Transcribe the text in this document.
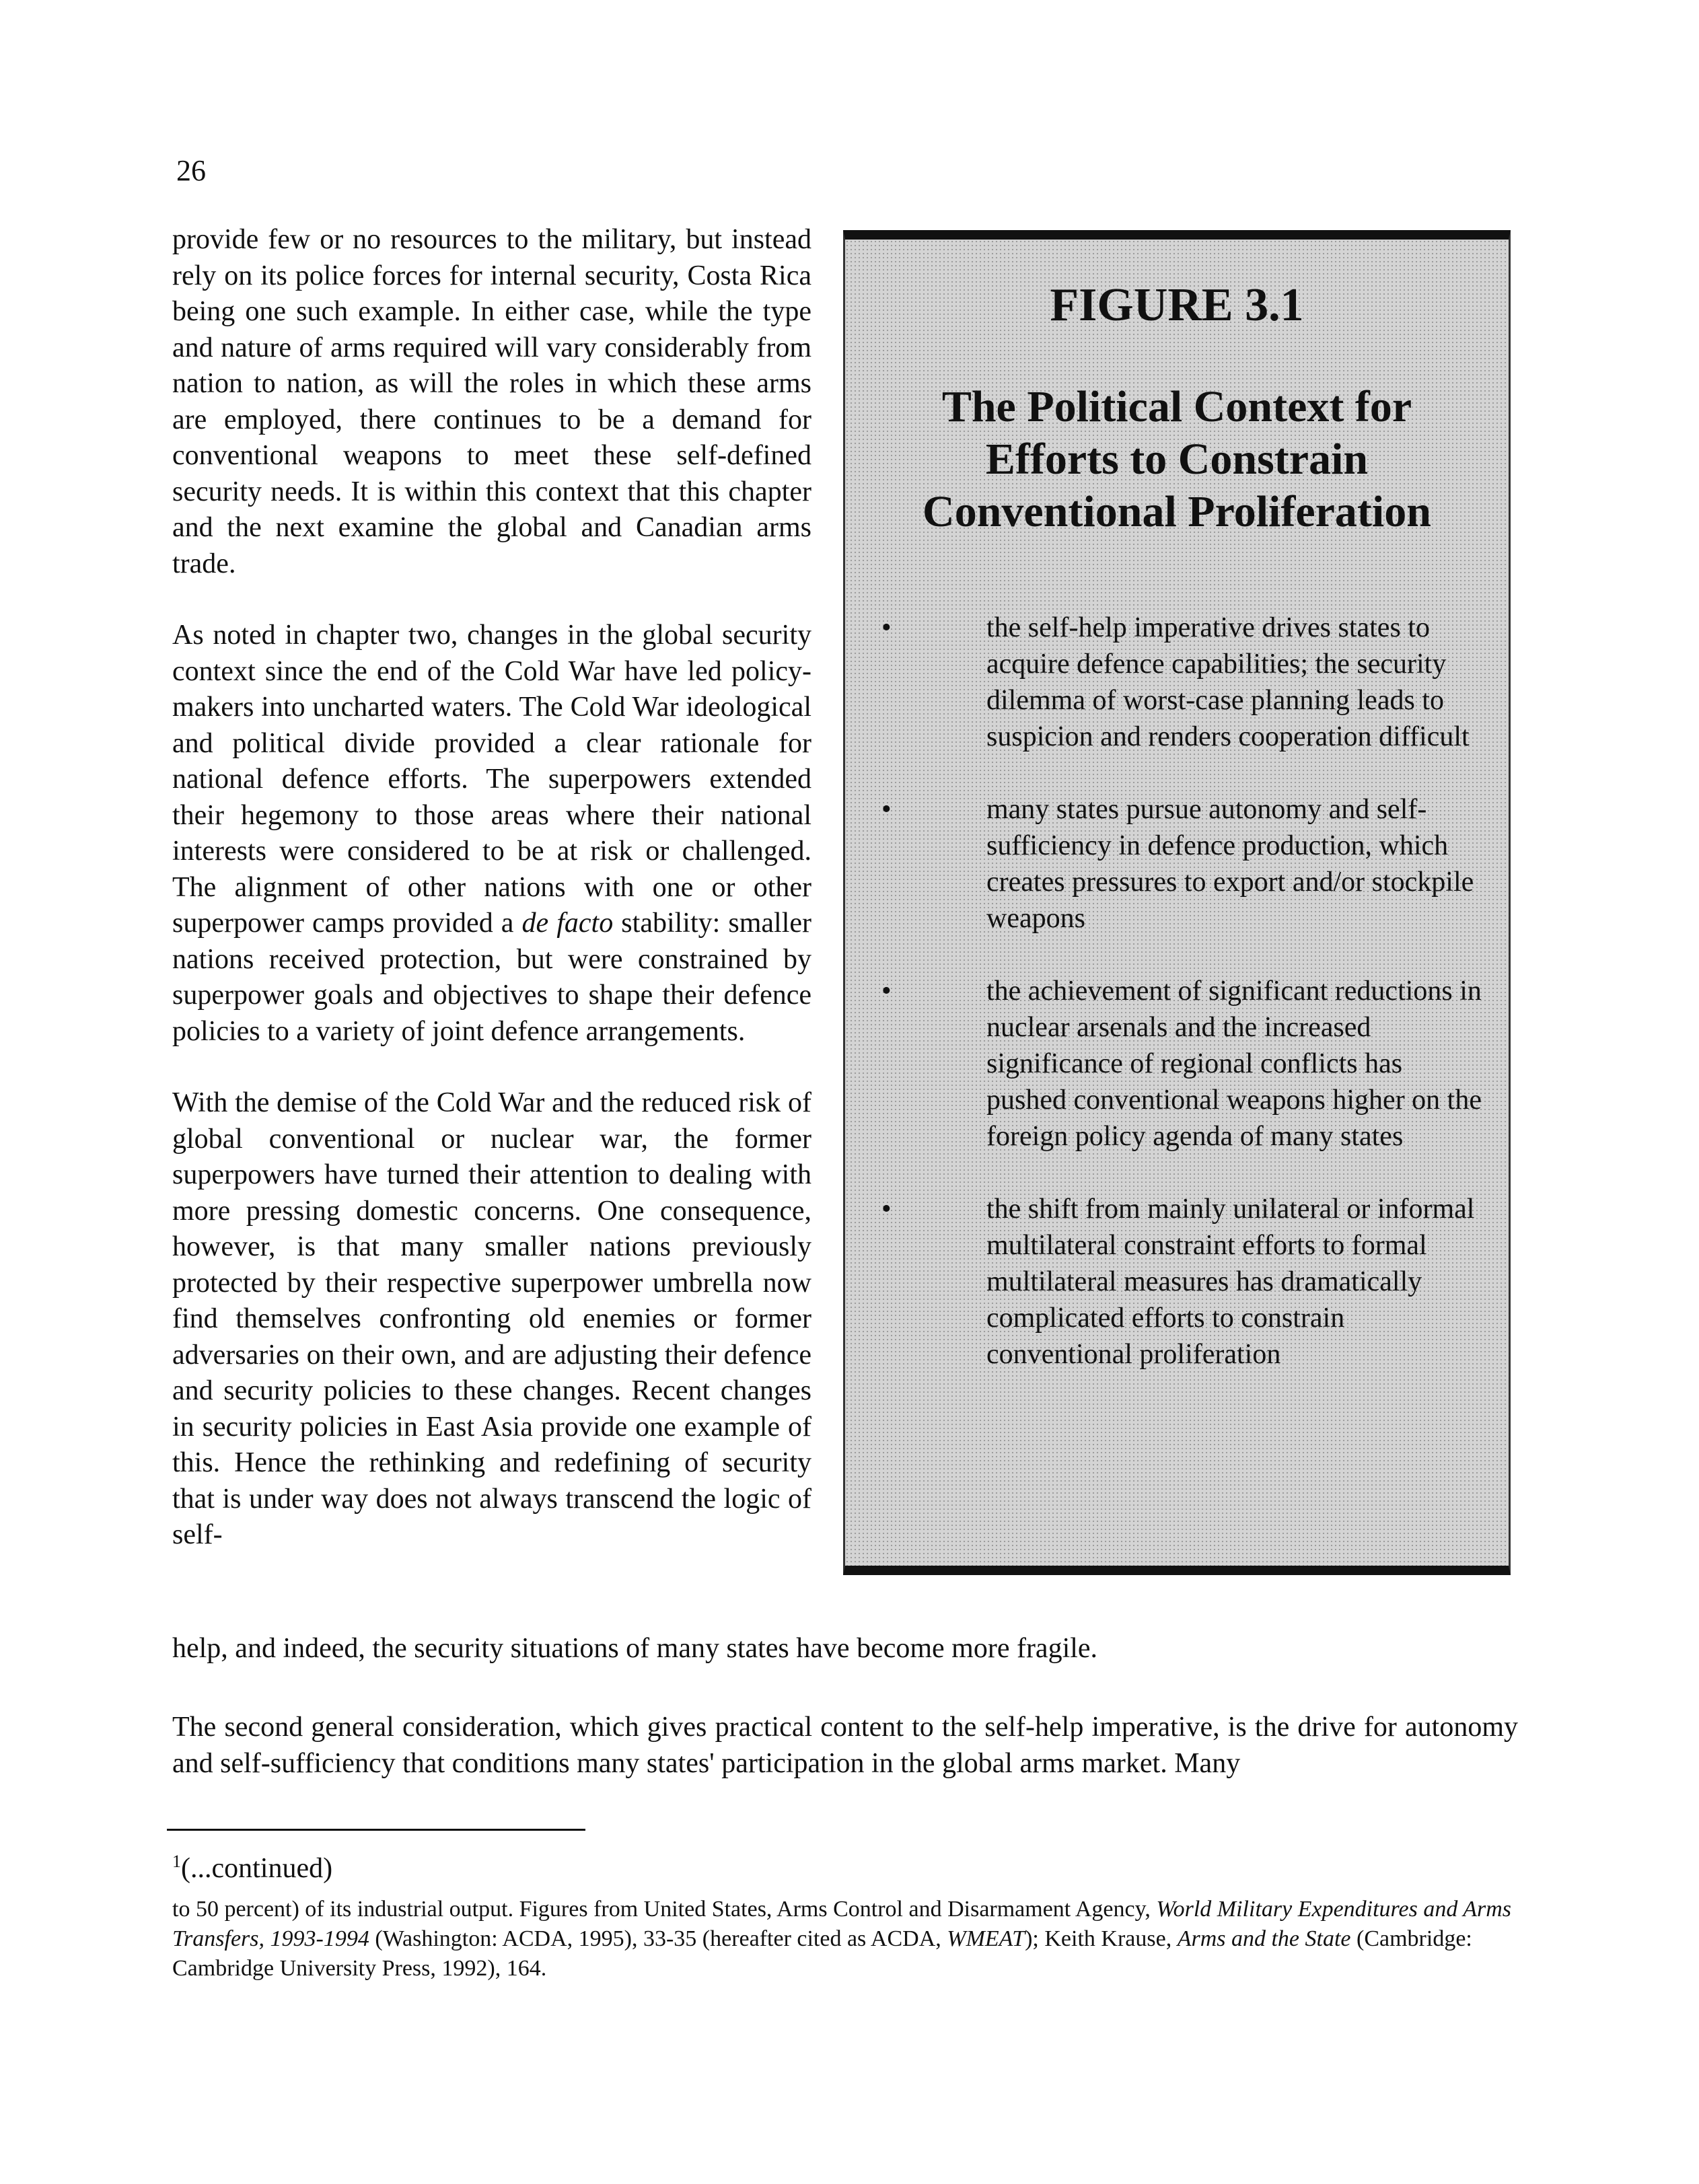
26

provide few or no resources to the military, but instead rely on its police forces for internal security, Costa Rica being one such example. In either case, while the type and nature of arms required will vary considerably from nation to nation, as will the roles in which these arms are employed, there continues to be a demand for conventional weapons to meet these self-defined security needs. It is within this context that this chapter and the next examine the global and Canadian arms trade.

As noted in chapter two, changes in the global security context since the end of the Cold War have led policy-makers into uncharted waters. The Cold War ideological and political divide provided a clear rationale for national defence efforts. The superpowers extended their hegemony to those areas where their national interests were considered to be at risk or challenged. The alignment of other nations with one or other superpower camps provided a de facto stability: smaller nations received protection, but were constrained by superpower goals and objectives to shape their defence policies to a variety of joint defence arrangements.

With the demise of the Cold War and the reduced risk of global conventional or nuclear war, the former superpowers have turned their attention to dealing with more pressing domestic concerns. One consequence, however, is that many smaller nations previously protected by their respective superpower umbrella now find themselves confronting old enemies or former adversaries on their own, and are adjusting their defence and security policies to these changes. Recent changes in security policies in East Asia provide one example of this. Hence the rethinking and redefining of security that is under way does not always transcend the logic of self-

help, and indeed, the security situations of many states have become more fragile.
The second general consideration, which gives practical content to the self-help imperative, is the drive for autonomy and self-sufficiency that conditions many states' participation in the global arms market. Many
FIGURE 3.1
The Political Context for Efforts to Constrain Conventional Proliferation
•	the self-help imperative drives states to acquire defence capabilities; the security dilemma of worst-case planning leads to suspicion and renders cooperation difficult
•	many states pursue autonomy and self-sufficiency in defence production, which creates pressures to export and/or stockpile weapons
•	the achievement of significant reductions in nuclear arsenals and the increased significance of regional conflicts has pushed conventional weapons higher on the foreign policy agenda of many states
•	the shift from mainly unilateral or informal multilateral constraint efforts to formal multilateral measures has dramatically complicated efforts to constrain conventional proliferation
$^1$(...continued)
to 50 percent) of its industrial output. Figures from United States, Arms Control and Disarmament Agency, World Military Expenditures and Arms Transfers, 1993-1994 (Washington: ACDA, 1995), 33-35 (hereafter cited as ACDA, WMEAT); Keith Krause, Arms and the State (Cambridge: Cambridge University Press, 1992), 164.
